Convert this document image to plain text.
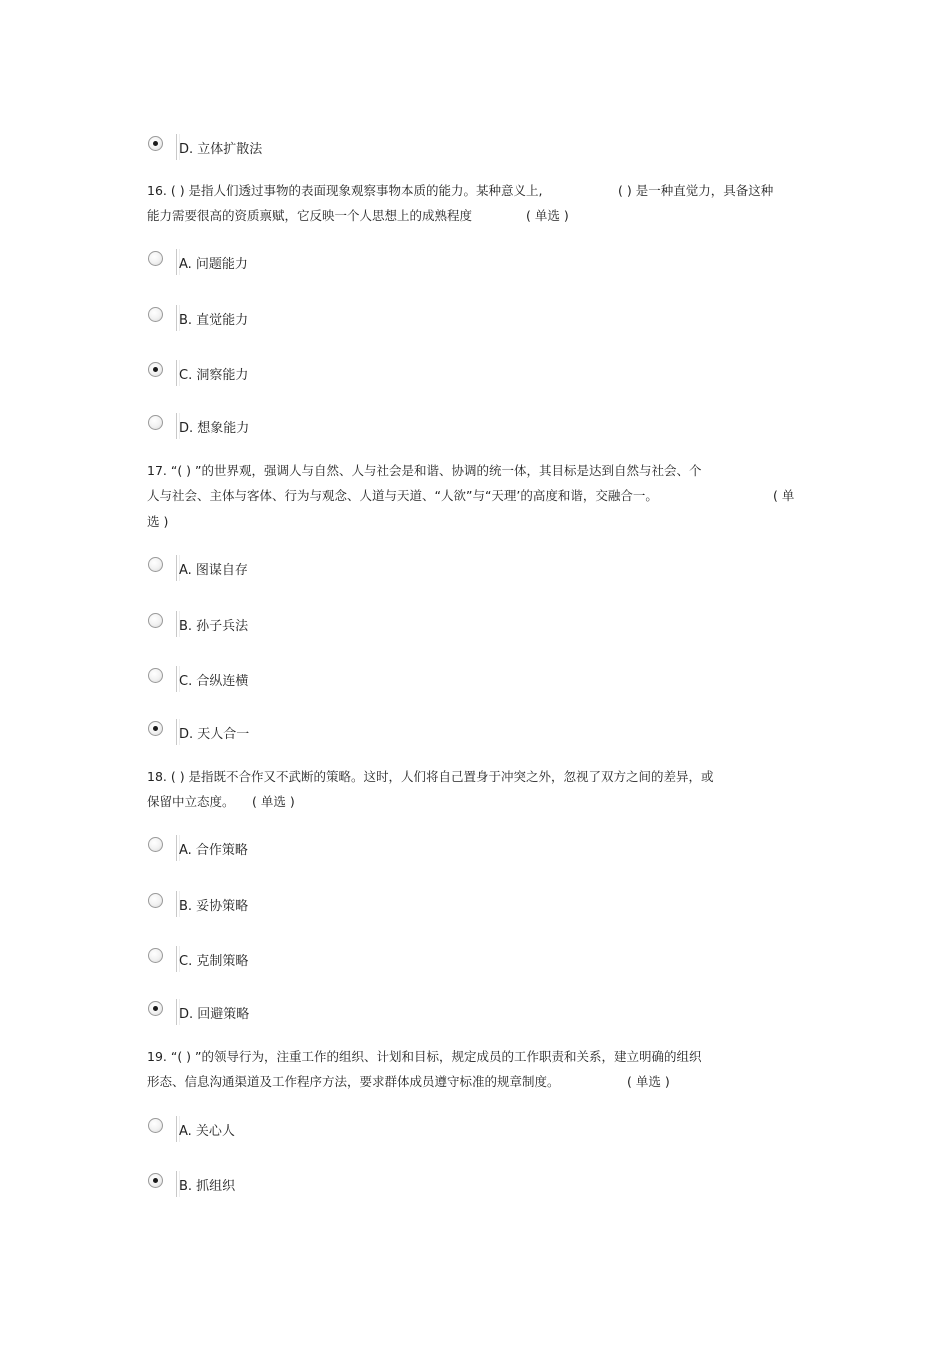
D. 立体扩散法
16. ( ) 是指人们透过事物的表面现象观察事物本质的能力。某种意义上,	( ) 是一种直觉力，具备这种
能力需要很高的资质禀赋，它反映一个人思想上的成熟程度	( 单选 )
A. 问题能力
B. 直觉能力
C. 洞察能力
D. 想象能力
17. “( ) ”的世界观，强调人与自然、人与社会是和谐、协调的统一体，其目标是达到自然与社会、个
人与社会、主体与客体、行为与观念、人道与天道、“人欲”与“天理’的高度和谐，交融合一。	( 单
选 )
A. 图谋自存
B. 孙子兵法
C. 合纵连横
D. 天人合一
18. ( ) 是指既不合作又不武断的策略。这时，人们将自己置身于冲突之外，忽视了双方之间的差异，或
保留中立态度。 ( 单选 )
A. 合作策略
B. 妥协策略
C. 克制策略
D. 回避策略
19. “( ) ”的领导行为，注重工作的组织、计划和目标，规定成员的工作职责和关系，建立明确的组织
形态、信息沟通渠道及工作程序方法，要求群体成员遵守标准的规章制度。	( 单选 )
A. 关心人
B. 抓组织
